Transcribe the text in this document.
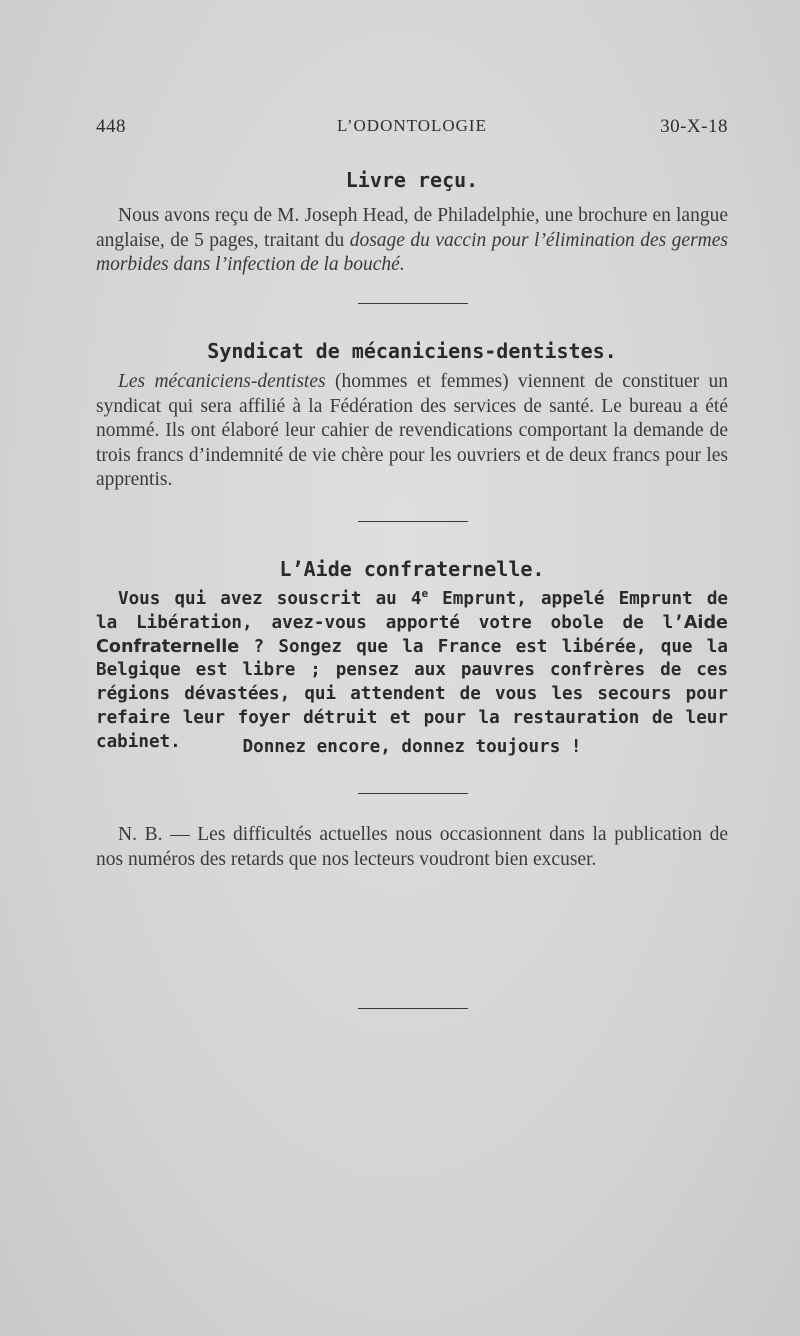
448	L’ODONTOLOGIE	30-X-18
Livre reçu.
Nous avons reçu de M. Joseph Head, de Philadelphie, une brochure en langue anglaise, de 5 pages, traitant du dosage du vaccin pour l’élimination des germes morbides dans l’infection de la bouché.
Syndicat de mécaniciens-dentistes.
Les mécaniciens-dentistes (hommes et femmes) viennent de constituer un syndicat qui sera affilié à la Fédération des services de santé. Le bureau a été nommé. Ils ont élaboré leur cahier de revendications comportant la demande de trois francs d’indemnité de vie chère pour les ouvriers et de deux francs pour les apprentis.
L’Aide confraternelle.
Vous qui avez souscrit au 4e Emprunt, appelé Emprunt de la Libération, avez-vous apporté votre obole de l’Aide Confraternelle ? Songez que la France est libérée, que la Belgique est libre ; pensez aux pauvres confrères de ces régions dévastées, qui attendent de vous les secours pour refaire leur foyer détruit et pour la restauration de leur cabinet.	Donnez encore, donnez toujours !
N. B. — Les difficultés actuelles nous occasionnent dans la publication de nos numéros des retards que nos lecteurs voudront bien excuser.
